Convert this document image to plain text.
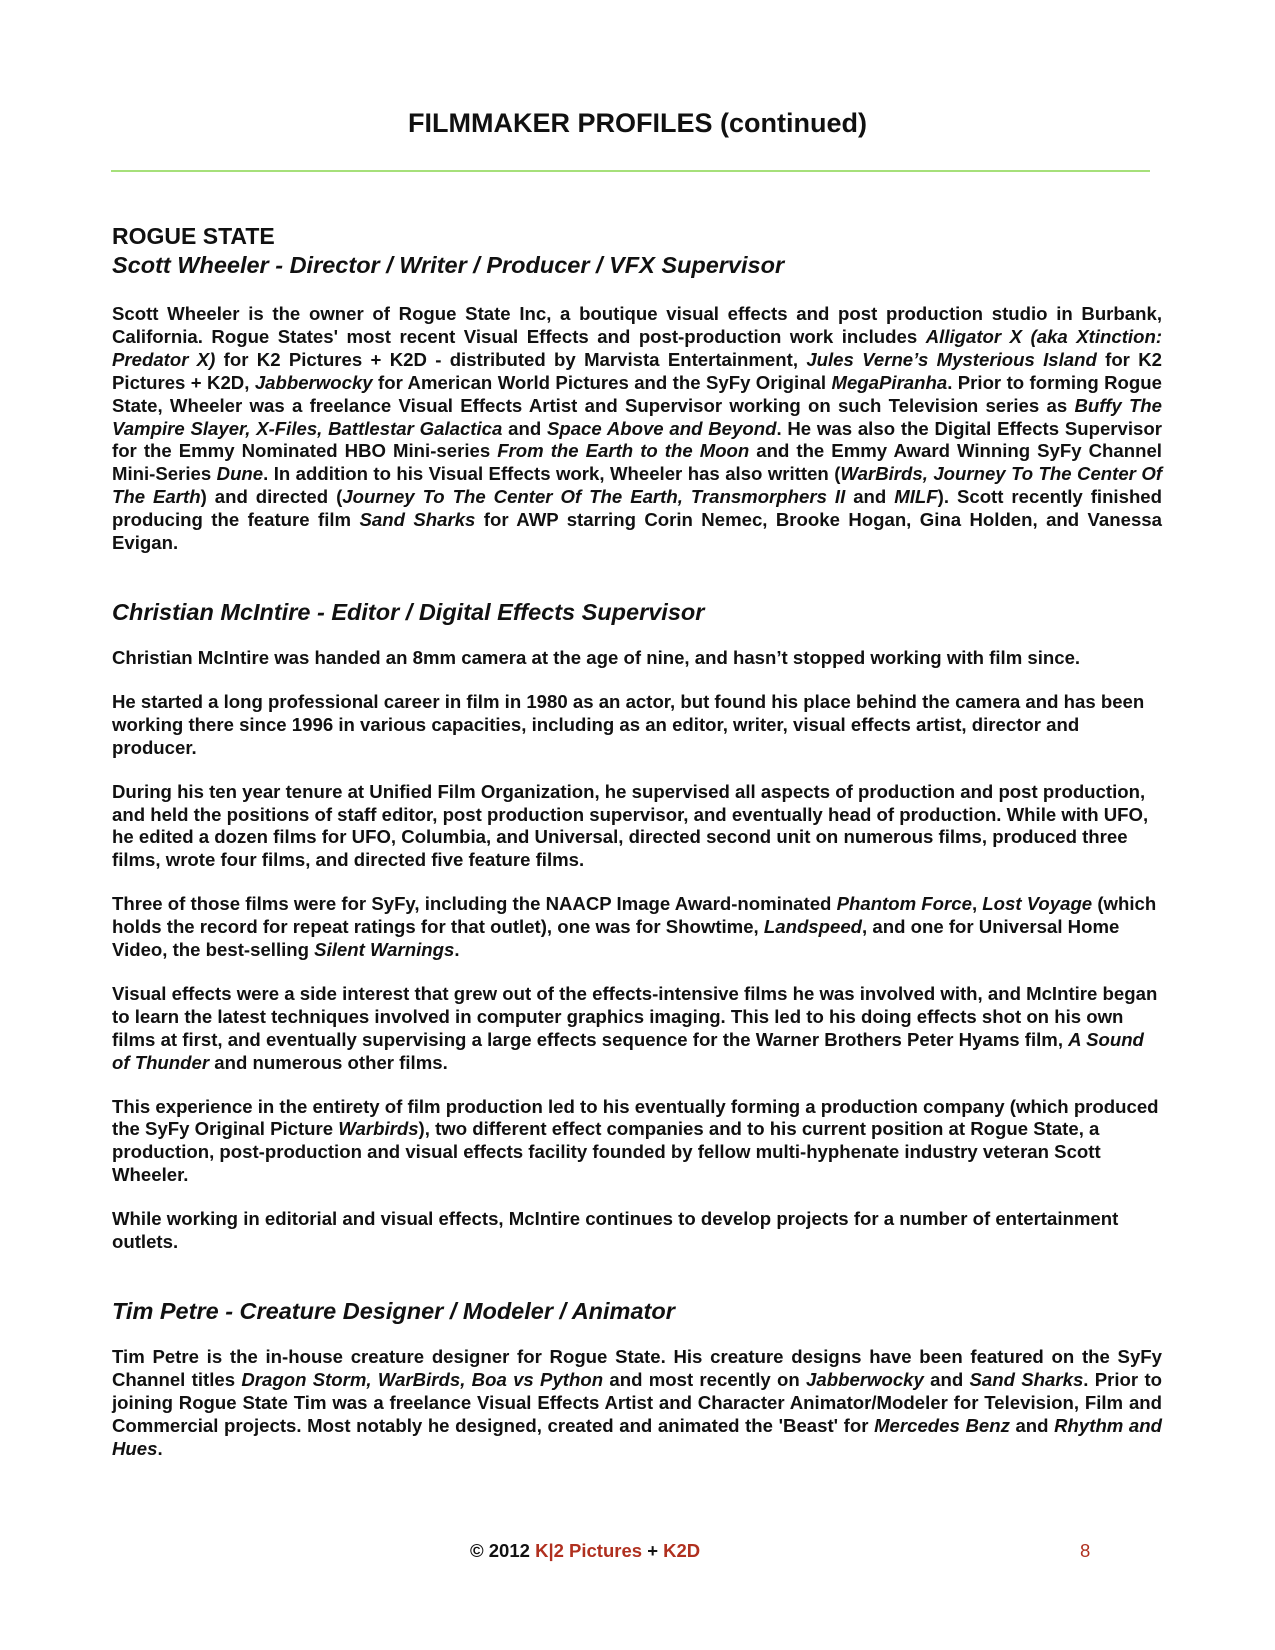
FILMMAKER PROFILES (continued)
ROGUE STATE
Scott Wheeler - Director / Writer / Producer / VFX Supervisor

Scott Wheeler is the owner of Rogue State Inc, a boutique visual effects and post production studio in Burbank, California. Rogue States' most recent Visual Effects and post-production work includes Alligator X (aka Xtinction: Predator X) for K2 Pictures + K2D - distributed by Marvista Entertainment, Jules Verne’s Mysterious Island for K2 Pictures + K2D, Jabberwocky for American World Pictures and the SyFy Original MegaPiranha. Prior to forming Rogue State, Wheeler was a freelance Visual Effects Artist and Supervisor working on such Television series as Buffy The Vampire Slayer, X-Files, Battlestar Galactica and Space Above and Beyond. He was also the Digital Effects Supervisor for the Emmy Nominated HBO Mini-series From the Earth to the Moon and the Emmy Award Winning SyFy Channel Mini-Series Dune. In addition to his Visual Effects work, Wheeler has also written (WarBirds, Journey To The Center Of The Earth) and directed (Journey To The Center Of The Earth, Transmorphers II and MILF). Scott recently finished producing the feature film Sand Sharks for AWP starring Corin Nemec, Brooke Hogan, Gina Holden, and Vanessa Evigan.

Christian McIntire - Editor / Digital Effects Supervisor

Christian McIntire was handed an 8mm camera at the age of nine, and hasn’t stopped working with film since.

He started a long professional career in film in 1980 as an actor, but found his place behind the camera and has been working there since 1996 in various capacities, including as an editor, writer, visual effects artist, director and producer.

During his ten year tenure at Unified Film Organization, he supervised all aspects of production and post production, and held the positions of staff editor, post production supervisor, and eventually head of production. While with UFO, he edited a dozen films for UFO, Columbia, and Universal, directed second unit on numerous films, produced three films, wrote four films, and directed five feature films.

Three of those films were for SyFy, including the NAACP Image Award-nominated Phantom Force, Lost Voyage (which holds the record for repeat ratings for that outlet), one was for Showtime, Landspeed, and one for Universal Home Video, the best-selling Silent Warnings.

Visual effects were a side interest that grew out of the effects-intensive films he was involved with, and McIntire began to learn the latest techniques involved in computer graphics imaging. This led to his doing effects shot on his own films at first, and eventually supervising a large effects sequence for the Warner Brothers Peter Hyams film, A Sound of Thunder and numerous other films.

This experience in the entirety of film production led to his eventually forming a production company (which produced the SyFy Original Picture Warbirds), two different effect companies and to his current position at Rogue State, a production, post-production and visual effects facility founded by fellow multi-hyphenate industry veteran Scott Wheeler.

While working in editorial and visual effects, McIntire continues to develop projects for a number of entertainment outlets.

Tim Petre - Creature Designer / Modeler / Animator

Tim Petre is the in-house creature designer for Rogue State. His creature designs have been featured on the SyFy Channel titles Dragon Storm, WarBirds, Boa vs Python and most recently on Jabberwocky and Sand Sharks. Prior to joining Rogue State Tim was a freelance Visual Effects Artist and Character Animator/Modeler for Television, Film and Commercial projects. Most notably he designed, created and animated the 'Beast' for Mercedes Benz and Rhythm and Hues.

© 2012 K|2 Pictures + K2D	8
